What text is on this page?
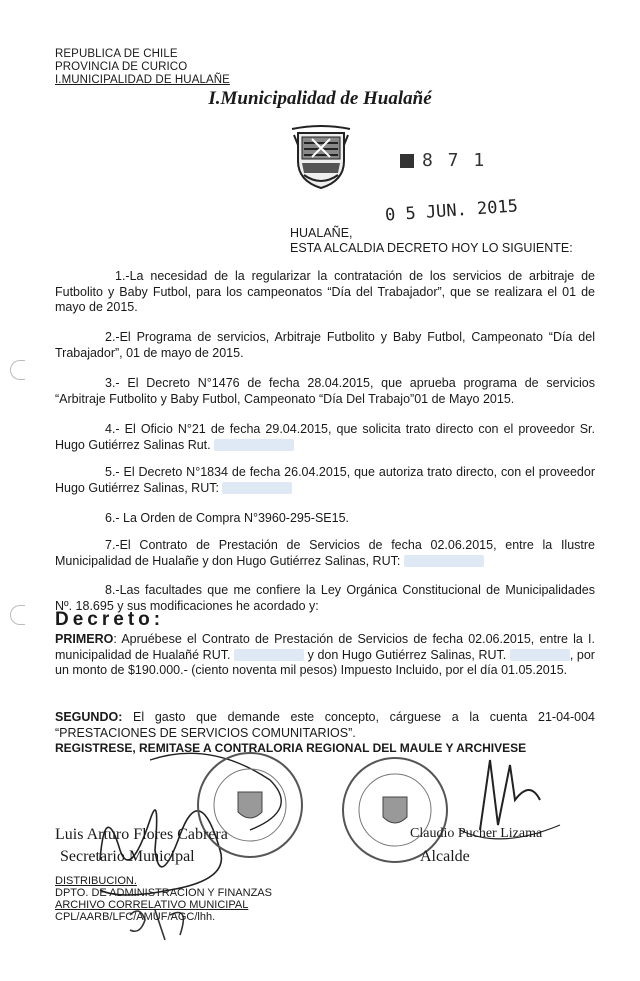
REPUBLICA DE CHILE
PROVINCIA DE CURICO
I.MUNICIPALIDAD DE HUALAÑE
I.Municipalidad de Hualañé
8 7 1
0 5 JUN. 2015
HUALAÑE,
ESTA ALCALDIA DECRETO HOY LO SIGUIENTE:
1.-La necesidad de la regularizar la contratación de los servicios de arbitraje de Futbolito y Baby Futbol, para los campeonatos “Día del Trabajador”, que se realizara el 01 de mayo de 2015.
2.-El Programa de servicios, Arbitraje Futbolito y Baby Futbol, Campeonato “Día del Trabajador”, 01 de mayo de 2015.
3.- El Decreto N°1476 de fecha 28.04.2015, que aprueba programa de servicios “Arbitraje Futbolito y Baby Futbol, Campeonato “Día Del Trabajo”01 de Mayo 2015.
4.- El Oficio N°21 de fecha 29.04.2015, que solicita trato directo con el proveedor Sr. Hugo Gutiérrez Salinas Rut.
5.- El Decreto N°1834 de fecha 26.04.2015, que autoriza trato directo, con el proveedor Hugo Gutiérrez Salinas, RUT:
6.- La Orden de Compra N°3960-295-SE15.
7.-El Contrato de Prestación de Servicios de fecha 02.06.2015, entre la Ilustre Municipalidad de Hualañe y don Hugo Gutiérrez Salinas, RUT:
8.-Las facultades que me confiere la Ley Orgánica Constitucional de Municipalidades Nº. 18.695 y sus modificaciones he acordado y:
Decreto:
PRIMERO: Apruébese el Contrato de Prestación de Servicios de fecha 02.06.2015, entre la I. municipalidad de Hualañé RUT.	y don Hugo Gutiérrez Salinas, RUT.	, por un monto de $190.000.- (ciento noventa mil pesos) Impuesto Incluido, por el día 01.05.2015.
SEGUNDO: El gasto que demande este concepto, cárguese a la cuenta 21-04-004 “PRESTACIONES DE SERVICIOS COMUNITARIOS”.
REGISTRESE, REMITASE A CONTRALORIA REGIONAL DEL MAULE Y ARCHIVESE
Luis Arturo Flores Cabrera
Secretario Municipal
Claudio Pucher Lizama
Alcalde
DISTRIBUCION.
DPTO. DE ADMINISTRACION Y FINANZAS
ARCHIVO CORRELATIVO MUNICIPAL
CPL/AARB/LFC/AMUF/AGC/lhh.
